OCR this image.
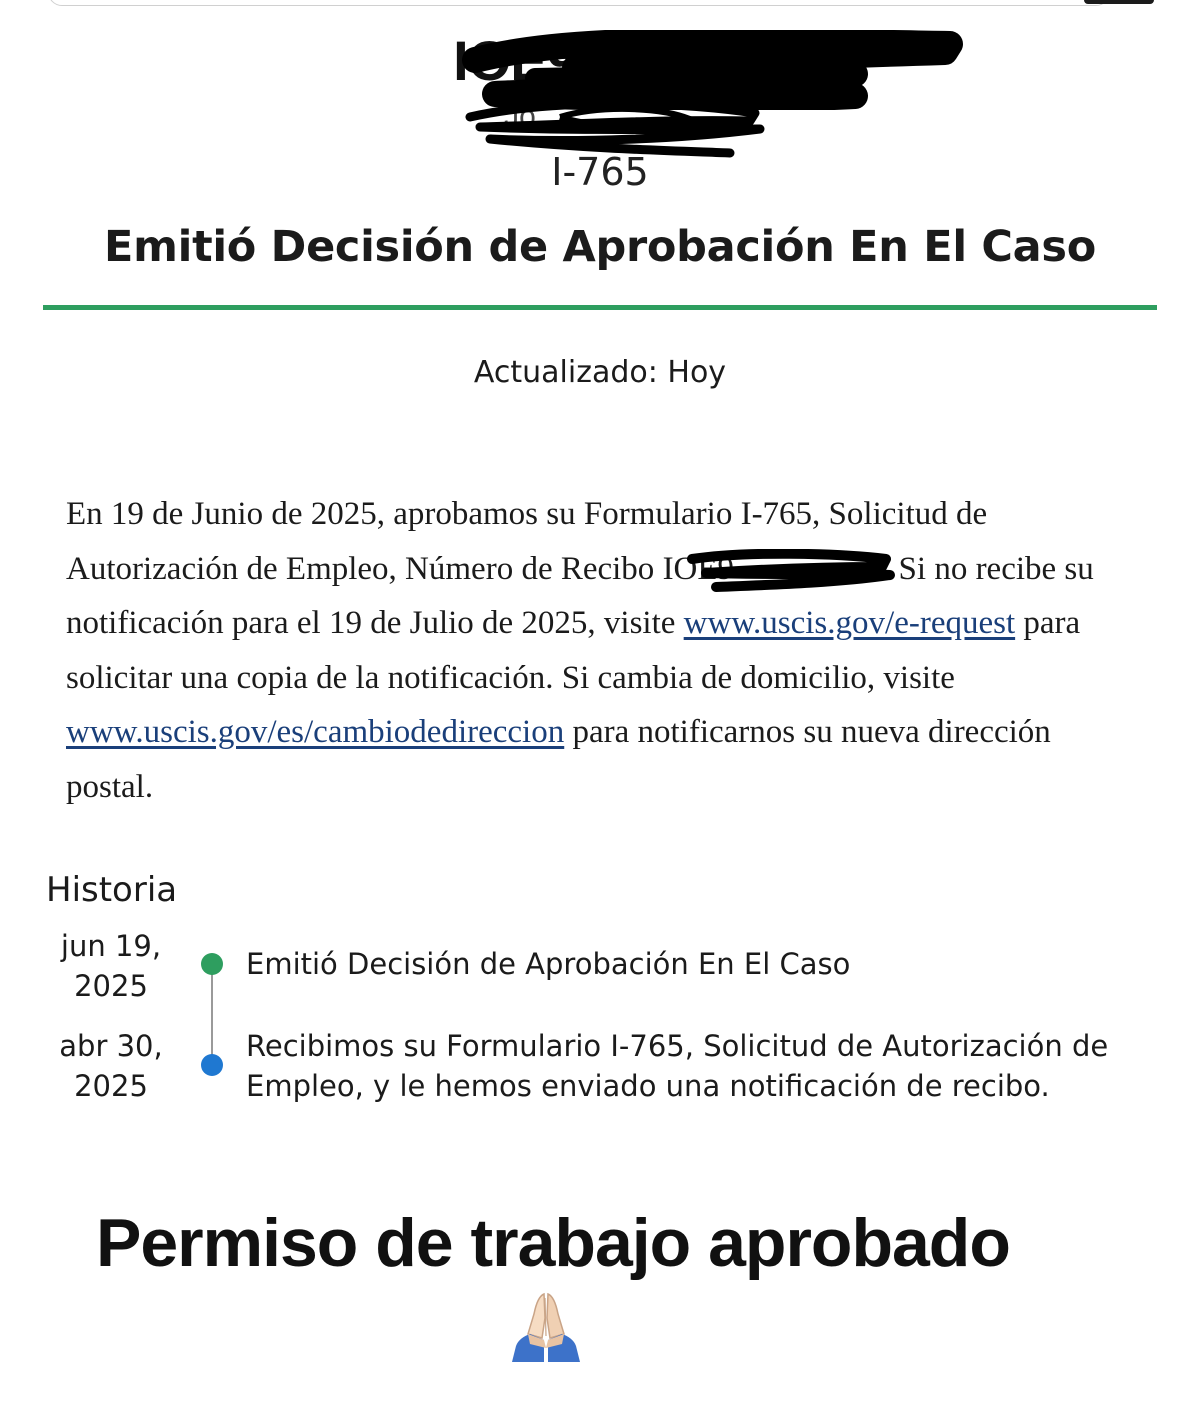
IOE99
Jo
I-765
Emitió Decisión de Aprobación En El Caso
Actualizado: Hoy

En 19 de Junio de 2025, aprobamos su Formulario I-765, Solicitud de Autorización de Empleo, Número de Recibo IOE9	. Si no recibe su notificación para el 19 de Julio de 2025, visite www.uscis.gov/e-request para solicitar una copia de la notificación. Si cambia de domicilio, visite www.uscis.gov/es/cambiodedireccion para notificarnos su nueva dirección postal.

Historia
jun 19,
2025
Emitió Decisión de Aprobación En El Caso
abr 30,
2025
Recibimos su Formulario I-765, Solicitud de Autorización de Empleo, y le hemos enviado una notificación de recibo.
Permiso de trabajo aprobado
